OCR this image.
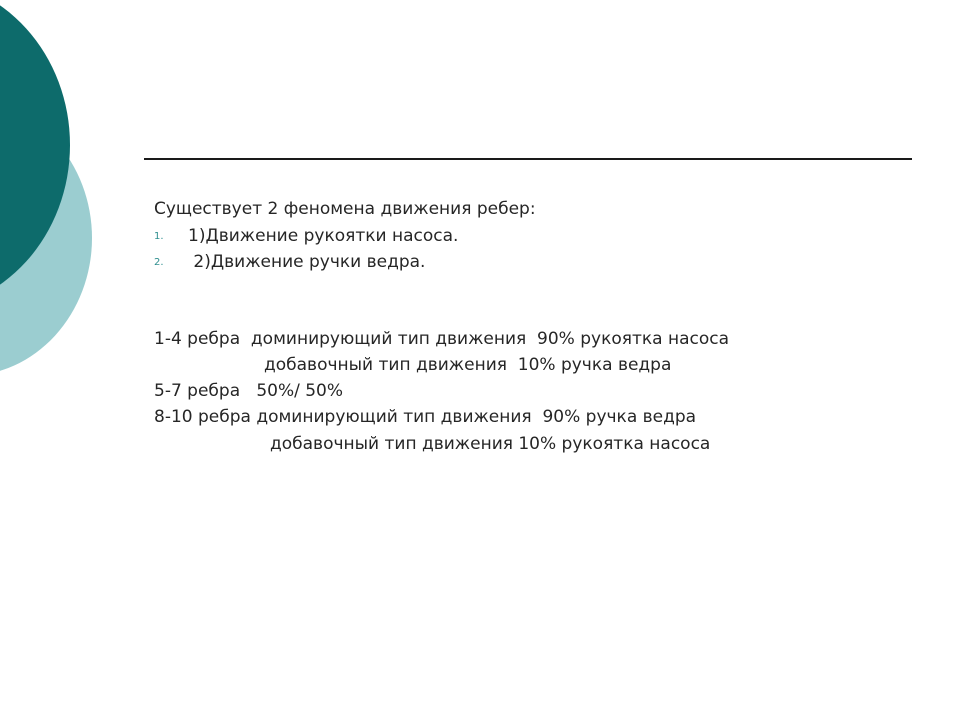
Существует 2 феномена движения ребер:
1. 1)Движение рукоятки насоса.
2. 2)Движение ручки ведра.
1-4 ребра  доминирующий тип движения  90% рукоятка насоса
добавочный тип движения  10% ручка ведра
5-7 ребра   50%/ 50%
8-10 ребра доминирующий тип движения  90% ручка ведра
добавочный тип движения 10% рукоятка насоса
